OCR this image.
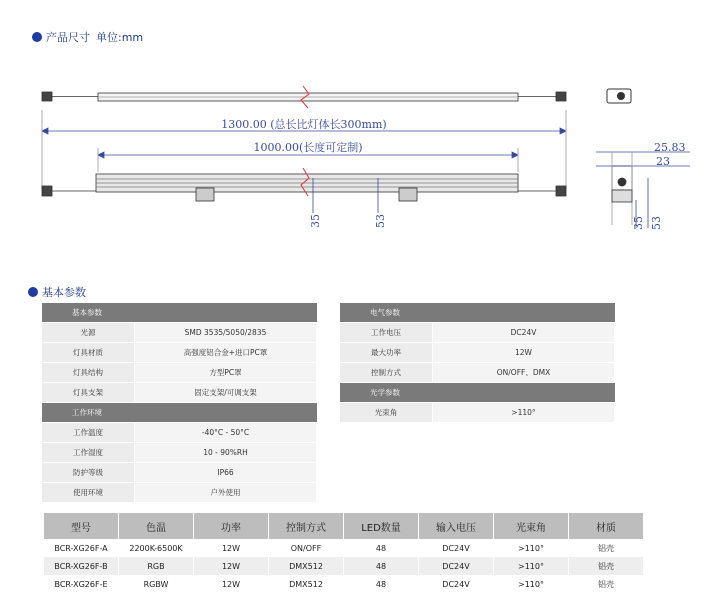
产品尺寸 单位:mm
1300.00 (总长比灯体长300mm)
1000.00(长度可定制)
35	53
25.83
23
35 53
基本参数
基本参数	
光源	SMD 3535/5050/2835
灯具材质	高强度铝合金+进口PC罩
灯具结构	方型PC罩
灯具支架	固定支架/可调支架
工作环境	
工作温度	-40°C - 50°C
工作湿度	10 - 90%RH
防护等级	IP66
使用环境	户外使用
电气参数	
工作电压	DC24V
最大功率	12W
控制方式	ON/OFF、DMX
光学参数	
光束角	>110°
型号	色温	功率	控制方式	LED数量	输入电压	光束角	材质
BCR-XG26F-A	2200K-6500K	12W	ON/OFF	48	DC24V	>110°	铝壳
BCR-XG26F-B	RGB	12W	DMX512	48	DC24V	>110°	铝壳
BCR-XG26F-E	RGBW	12W	DMX512	48	DC24V	>110°	铝壳
